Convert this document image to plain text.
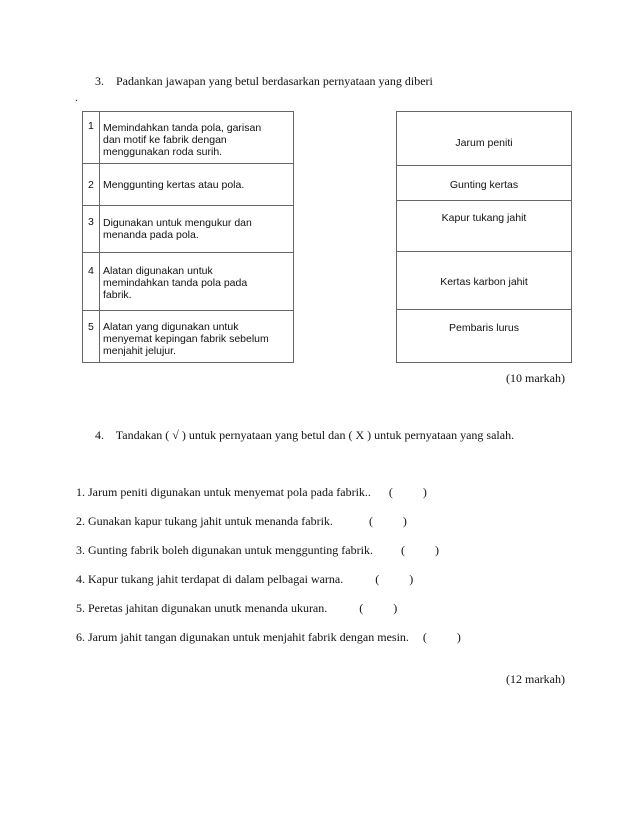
3. Padankan jawapan yang betul berdasarkan pernyataan yang diberi
.
1 Memindahkan tanda pola, garisan
dan motif ke fabrik dengan
menggunakan roda surih.
2 Menggunting kertas atau pola.
3 Digunakan untuk mengukur dan
menanda pada pola.
4 Alatan digunakan untuk
memindahkan tanda pola pada
fabrik.
5 Alatan yang digunakan untuk
menyemat kepingan fabrik sebelum
menjahit jelujur.
Jarum peniti
Gunting kertas
Kapur tukang jahit
Kertas karbon jahit
Pembaris lurus
(10 markah)
4. Tandakan ( √ ) untuk pernyataan yang betul dan ( X ) untuk pernyataan yang salah.
1. Jarum peniti digunakan untuk menyemat pola pada fabrik.. (          )
2. Gunakan kapur tukang jahit untuk menanda fabrik.	(          )
3. Gunting fabrik boleh digunakan untuk menggunting fabrik. (          )
4. Kapur tukang jahit terdapat di dalam pelbagai warna.	(          )
5. Peretas jahitan digunakan unutk menanda ukuran.	(          )
6. Jarum jahit tangan digunakan untuk menjahit fabrik dengan mesin. (          )
(12 markah)
